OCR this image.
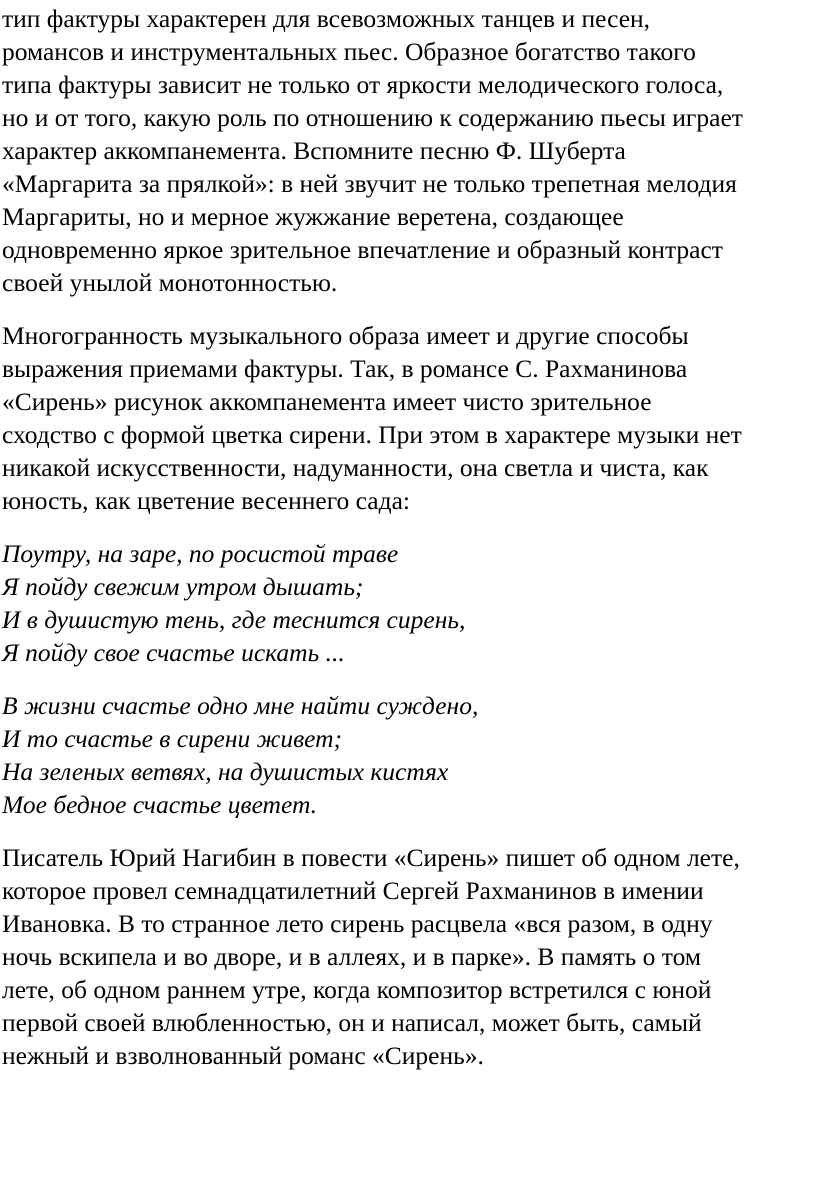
тип фактуры характерен для всевозможных танцев и песен,
романсов и инструментальных пьес. Образное богатство такого
типа фактуры зависит не только от яркости мелодического голоса,
но и от того, какую роль по отношению к содержанию пьесы играет
характер аккомпанемента. Вспомните песню Ф. Шуберта
«Маргарита за прялкой»: в ней звучит не только трепетная мелодия
Маргариты, но и мерное жужжание веретена, создающее
одновременно яркое зрительное впечатление и образный контраст
своей унылой монотонностью.

Многогранность музыкального образа имеет и другие способы
выражения приемами фактуры. Так, в романсе С. Рахманинова
«Сирень» рисунок аккомпанемента имеет чисто зрительное
сходство с формой цветка сирени. При этом в характере музыки нет
никакой искусственности, надуманности, она светла и чиста, как
юность, как цветение весеннего сада:

Поутру, на заре, по росистой траве
Я пойду свежим утром дышать;
И в душистую тень, где теснится сирень,
Я пойду свое счастье искать ...

В жизни счастье одно мне найти суждено,
И то счастье в сирени живет;
На зеленых ветвях, на душистых кистях
Мое бедное счастье цветет.

Писатель Юрий Нагибин в повести «Сирень» пишет об одном лете,
которое провел семнадцатилетний Сергей Рахманинов в имении
Ивановка. В то странное лето сирень расцвела «вся разом, в одну
ночь вскипела и во дворе, и в аллеях, и в парке». В память о том
лете, об одном раннем утре, когда композитор встретился с юной
первой своей влюбленностью, он и написал, может быть, самый
нежный и взволнованный романс «Сирень».
